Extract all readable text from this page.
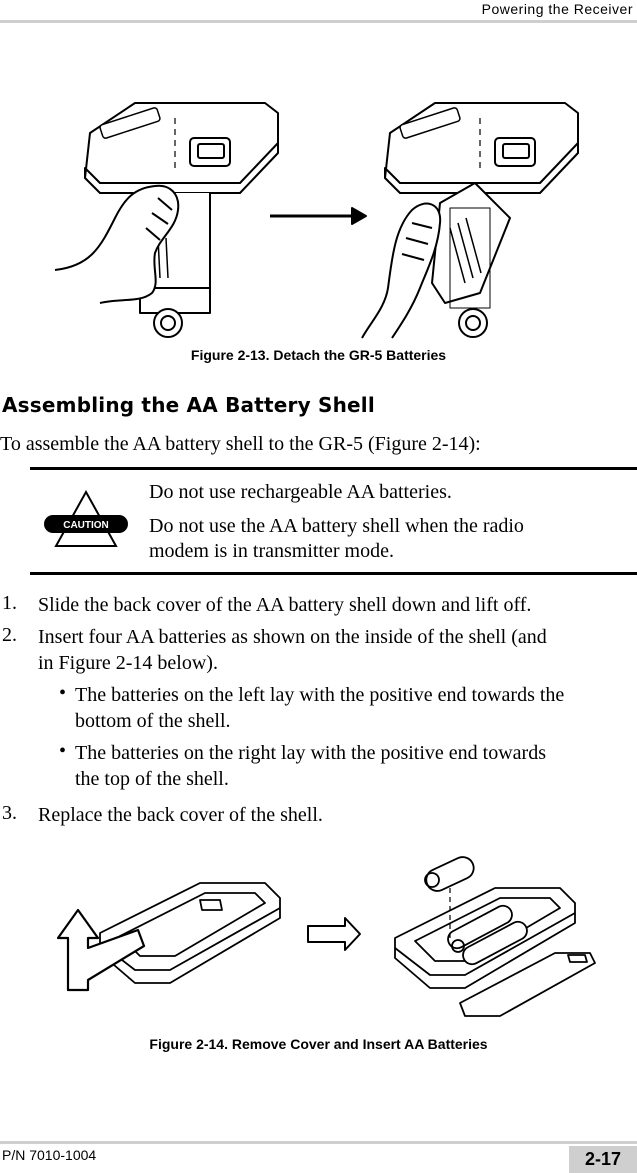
Powering the Receiver
Figure 2-13. Detach the GR-5 Batteries
Assembling the AA Battery Shell
To assemble the AA battery shell to the GR-5 (Figure 2-14):
CAUTION
Do not use rechargeable AA batteries.
Do not use the AA battery shell when the radio
modem is in transmitter mode.
1. Slide the back cover of the AA battery shell down and lift off.
2. Insert four AA batteries as shown on the inside of the shell (and
in Figure 2-14 below).
• The batteries on the left lay with the positive end towards the
bottom of the shell.
• The batteries on the right lay with the positive end towards
the top of the shell.
3. Replace the back cover of the shell.
Figure 2-14. Remove Cover and Insert AA Batteries
P/N 7010-1004	2-17
